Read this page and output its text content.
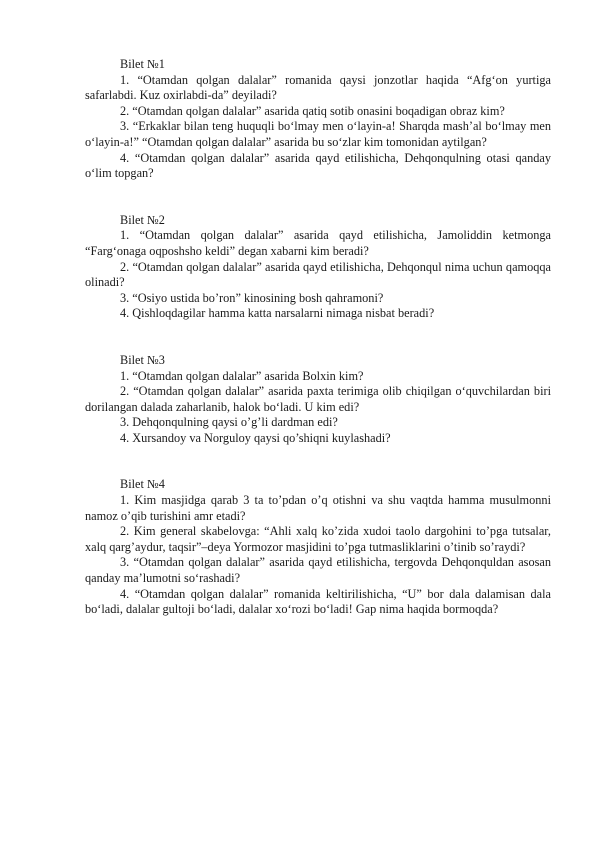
Bilet №1

1. “Otamdan qolgan dalalar” romanida qaysi jonzotlar haqida “Afg‘on yurtiga safarlabdi. Kuz oxirlabdi-da” deyiladi?

2. “Otamdan qolgan dalalar” asarida qatiq sotib onasini boqadigan obraz kim?

3. “Erkaklar bilan teng huquqli bo‘lmay men o‘layin-a! Sharqda mash’al bo‘lmay men o‘layin-a!” “Otamdan qolgan dalalar” asarida bu so‘zlar kim tomonidan aytilgan?

4. “Otamdan qolgan dalalar” asarida qayd etilishicha, Dehqonqulning otasi qanday o‘lim topgan?

Bilet №2

1. “Otamdan qolgan dalalar” asarida qayd etilishicha, Jamoliddin ketmonga “Farg‘onaga oqposhsho keldi” degan xabarni kim beradi?

2. “Otamdan qolgan dalalar” asarida qayd etilishicha, Dehqonqul nima uchun qamoqqa olinadi?

3. “Osiyo ustida bo’ron” kinosining bosh qahramoni?

4. Qishloqdagilar hamma katta narsalarni nimaga nisbat beradi?

Bilet №3

1. “Otamdan qolgan dalalar” asarida Bolxin kim?

2. “Otamdan qolgan dalalar” asarida paxta terimiga olib chiqilgan o‘quvchilardan biri dorilangan dalada zaharlanib, halok bo‘ladi. U kim edi?

3. Dehqonqulning qaysi o’g’li dardman edi?

4. Xursandoy va Norguloy qaysi qo’shiqni kuylashadi?

Bilet №4

1. Kim masjidga qarab 3 ta to’pdan o’q otishni va shu vaqtda hamma musulmonni namoz o’qib turishini amr etadi?

2. Kim general skabelovga: “Ahli xalq ko’zida xudoi taolo dargohini to’pga tutsalar, xalq qarg’aydur, taqsir”–deya Yormozor masjidini to’pga tutmasliklarini o’tinib so’raydi?

3. “Otamdan qolgan dalalar” asarida qayd etilishicha, tergovda Dehqonquldan asosan qanday ma’lumotni so‘rashadi?

4. “Otamdan qolgan dalalar” romanida keltirilishicha, “U” bor dala dalamisan dala bo‘ladi, dalalar gultoji bo‘ladi, dalalar xo‘rozi bo‘ladi! Gap nima haqida bormoqda?
